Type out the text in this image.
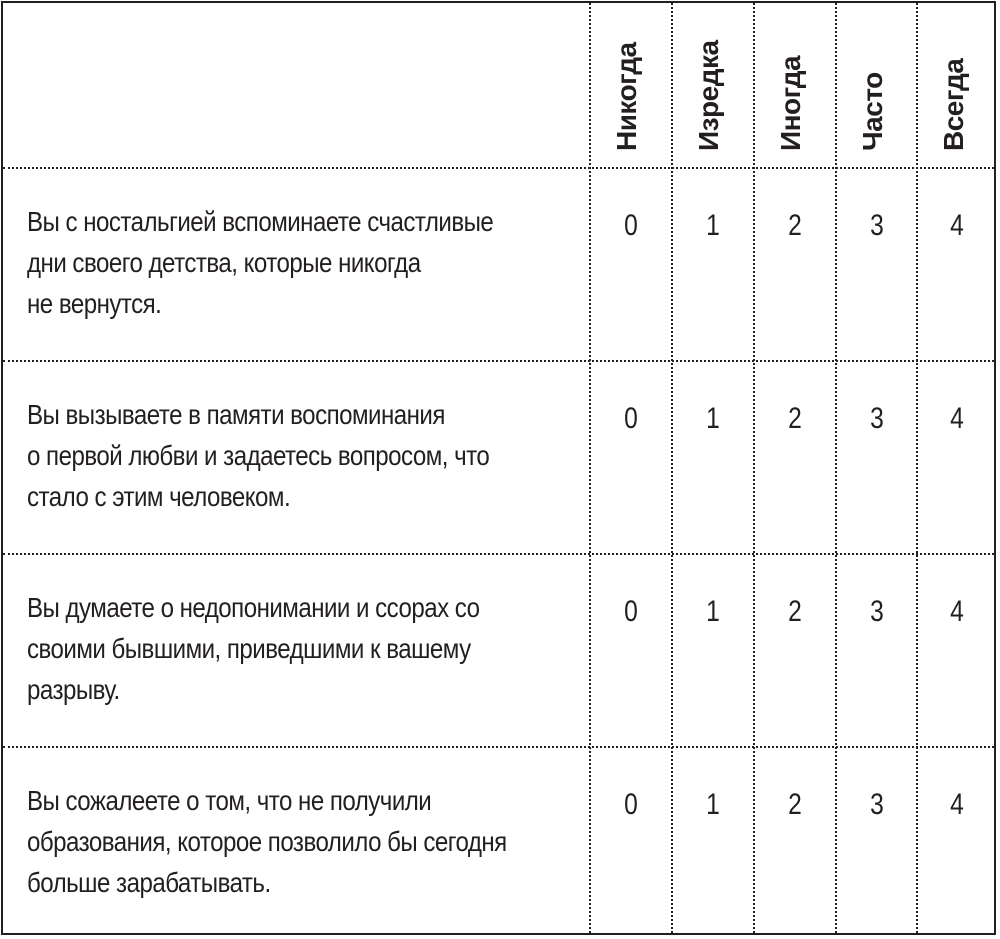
Никогда Изредка Иногда Часто Всегда
Вы с ностальгией вспоминаете счастливые
дни своего детства, которые никогда
не вернутся.
0	1	2	3	4
Вы вызываете в памяти воспоминания
о первой любви и задаетесь вопросом, что
стало с этим человеком.
0	1	2	3	4
Вы думаете о недопонимании и ссорах со
своими бывшими, приведшими к вашему
разрыву.
0	1	2	3	4
Вы сожалеете о том, что не получили
образования, которое позволило бы сегодня
больше зарабатывать.
0	1	2	3	4
